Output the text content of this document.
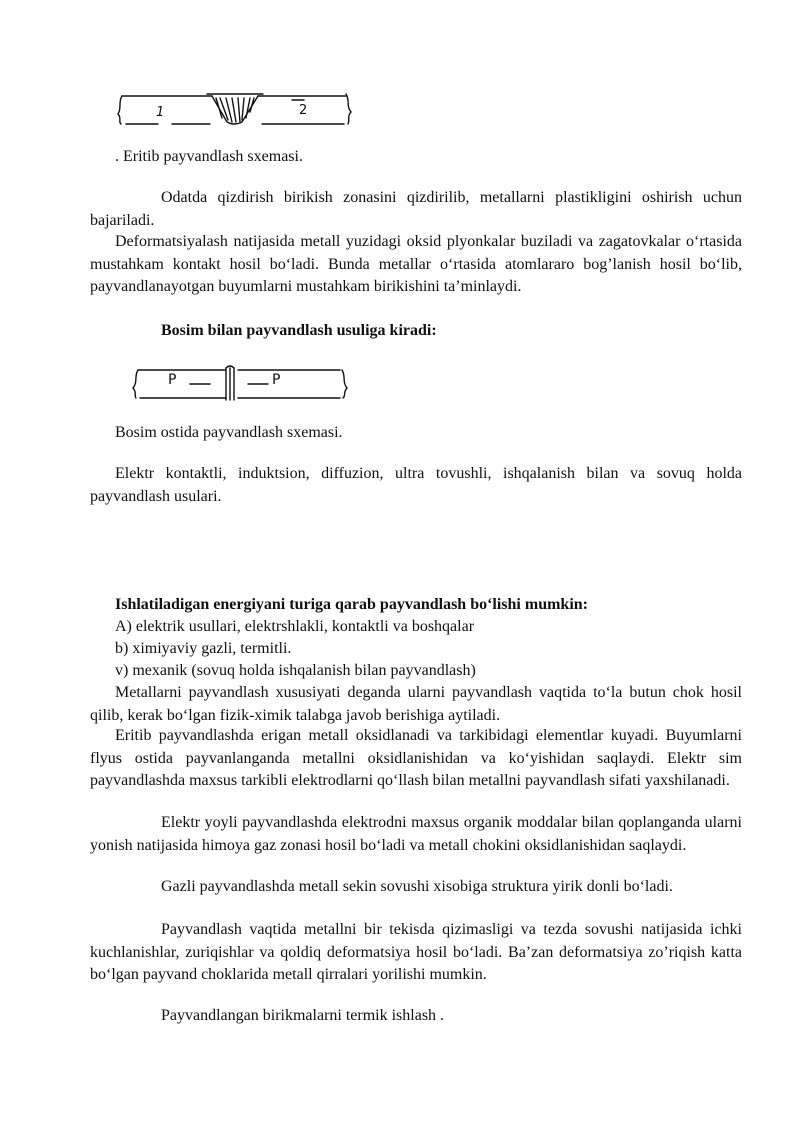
1	2

. Eritib payvandlash sxemasi.

Odatda qizdirish birikish zonasini qizdirilib, metallarni plastikligini oshirish uchun bajariladi.

Deformatsiyalash natijasida metall yuzidagi oksid plyonkalar buziladi va zagatovkalar o‘rtasida mustahkam kontakt hosil bo‘ladi. Bunda metallar o‘rtasida atomlararo bog’lanish hosil bo‘lib, payvandlanayotgan buyumlarni mustahkam birikishini ta’minlaydi.

Bosim bilan payvandlash usuliga kiradi:

P	P

Bosim ostida payvandlash sxemasi.

Elektr kontaktli, induktsion, diffuzion, ultra tovushli, ishqalanish bilan va sovuq holda payvandlash usulari.

Ishlatiladigan energiyani turiga qarab payvandlash bo‘lishi mumkin:

A) elektrik usullari, elektrshlakli, kontaktli va boshqalar

b) ximiyaviy gazli, termitli.

v) mexanik (sovuq holda ishqalanish bilan payvandlash)

Metallarni payvandlash xususiyati deganda ularni payvandlash vaqtida to‘la butun chok hosil qilib, kerak bo‘lgan fizik-ximik talabga javob berishiga aytiladi.

Eritib payvandlashda erigan metall oksidlanadi va tarkibidagi elementlar kuyadi. Buyumlarni flyus ostida payvanlanganda metallni oksidlanishidan va ko‘yishidan saqlaydi. Elektr sim payvandlashda maxsus tarkibli elektrodlarni qo‘llash bilan metallni payvandlash sifati yaxshilanadi.

Elektr yoyli payvandlashda elektrodni maxsus organik moddalar bilan qoplanganda ularni yonish natijasida himoya gaz zonasi hosil bo‘ladi va metall chokini oksidlanishidan saqlaydi.

Gazli payvandlashda metall sekin sovushi xisobiga struktura yirik donli bo‘ladi.

Payvandlash vaqtida metallni bir tekisda qizimasligi va tezda sovushi natijasida ichki kuchlanishlar, zuriqishlar va qoldiq deformatsiya hosil bo‘ladi. Ba’zan deformatsiya zo’riqish katta bo‘lgan payvand choklarida metall qirralari yorilishi mumkin.

Payvandlangan birikmalarni termik ishlash .
